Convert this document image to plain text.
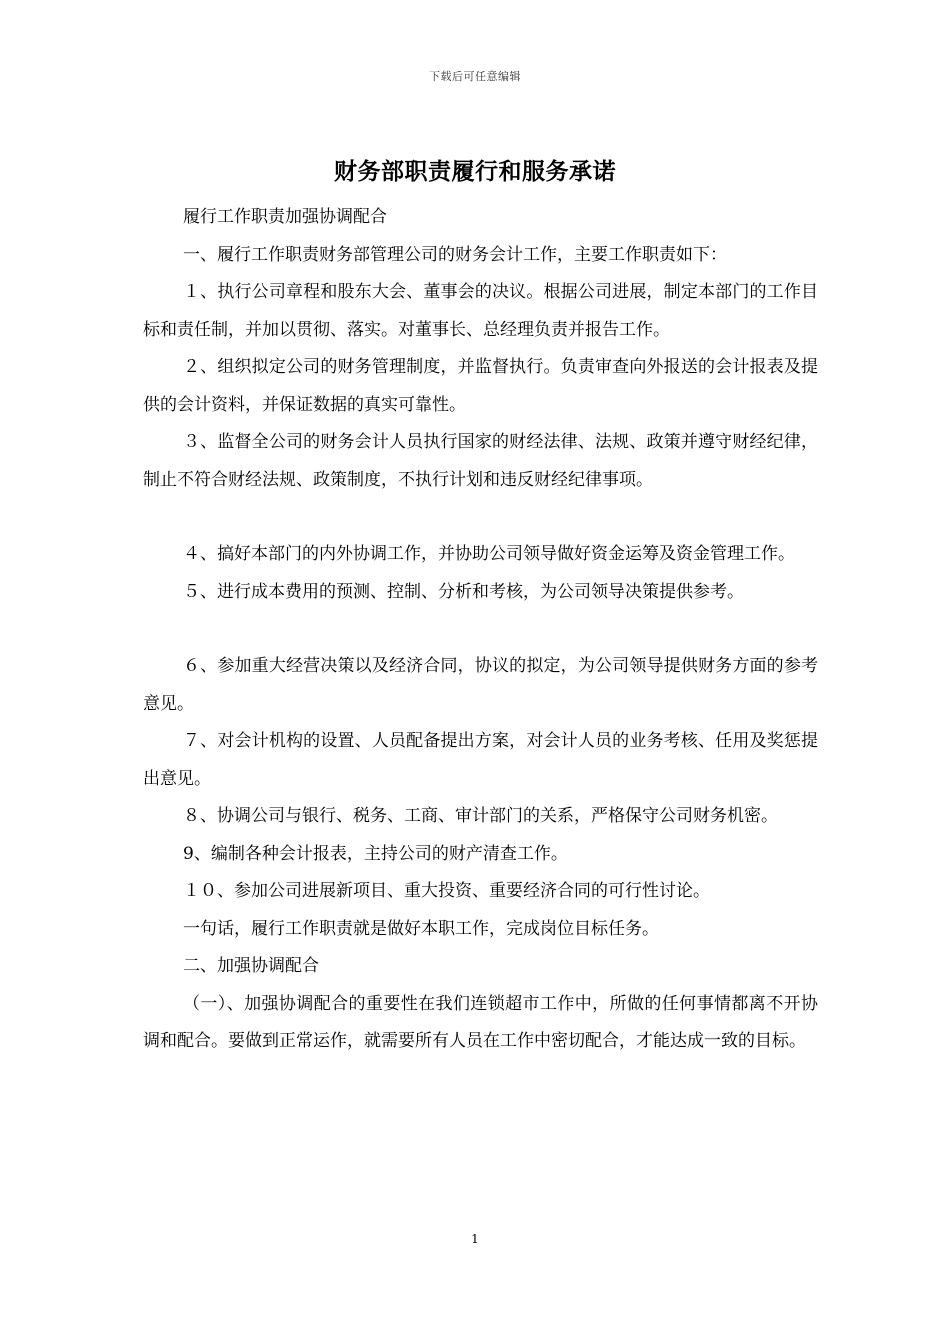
下载后可任意编辑
财务部职责履行和服务承诺

履行工作职责加强协调配合

一、履行工作职责财务部管理公司的财务会计工作，主要工作职责如下：

１、执行公司章程和股东大会、董事会的决议。根据公司进展，制定本部门的工作目标和责任制，并加以贯彻、落实。对董事长、总经理负责并报告工作。

２、组织拟定公司的财务管理制度，并监督执行。负责审查向外报送的会计报表及提供的会计资料，并保证数据的真实可靠性。

３、监督全公司的财务会计人员执行国家的财经法律、法规、政策并遵守财经纪律，制止不符合财经法规、政策制度，不执行计划和违反财经纪律事项。

４、搞好本部门的内外协调工作，并协助公司领导做好资金运筹及资金管理工作。

５、进行成本费用的预测、控制、分析和考核，为公司领导决策提供参考。

６、参加重大经营决策以及经济合同，协议的拟定，为公司领导提供财务方面的参考意见。

７、对会计机构的设置、人员配备提出方案，对会计人员的业务考核、任用及奖惩提出意见。

８、协调公司与银行、税务、工商、审计部门的关系，严格保守公司财务机密。

9、编制各种会计报表，主持公司的财产清查工作。

１０、参加公司进展新项目、重大投资、重要经济合同的可行性讨论。

一句话，履行工作职责就是做好本职工作，完成岗位目标任务。

二、加强协调配合

（一）、加强协调配合的重要性在我们连锁超市工作中，所做的任何事情都离不开协调和配合。要做到正常运作，就需要所有人员在工作中密切配合，才能达成一致的目标。

1
